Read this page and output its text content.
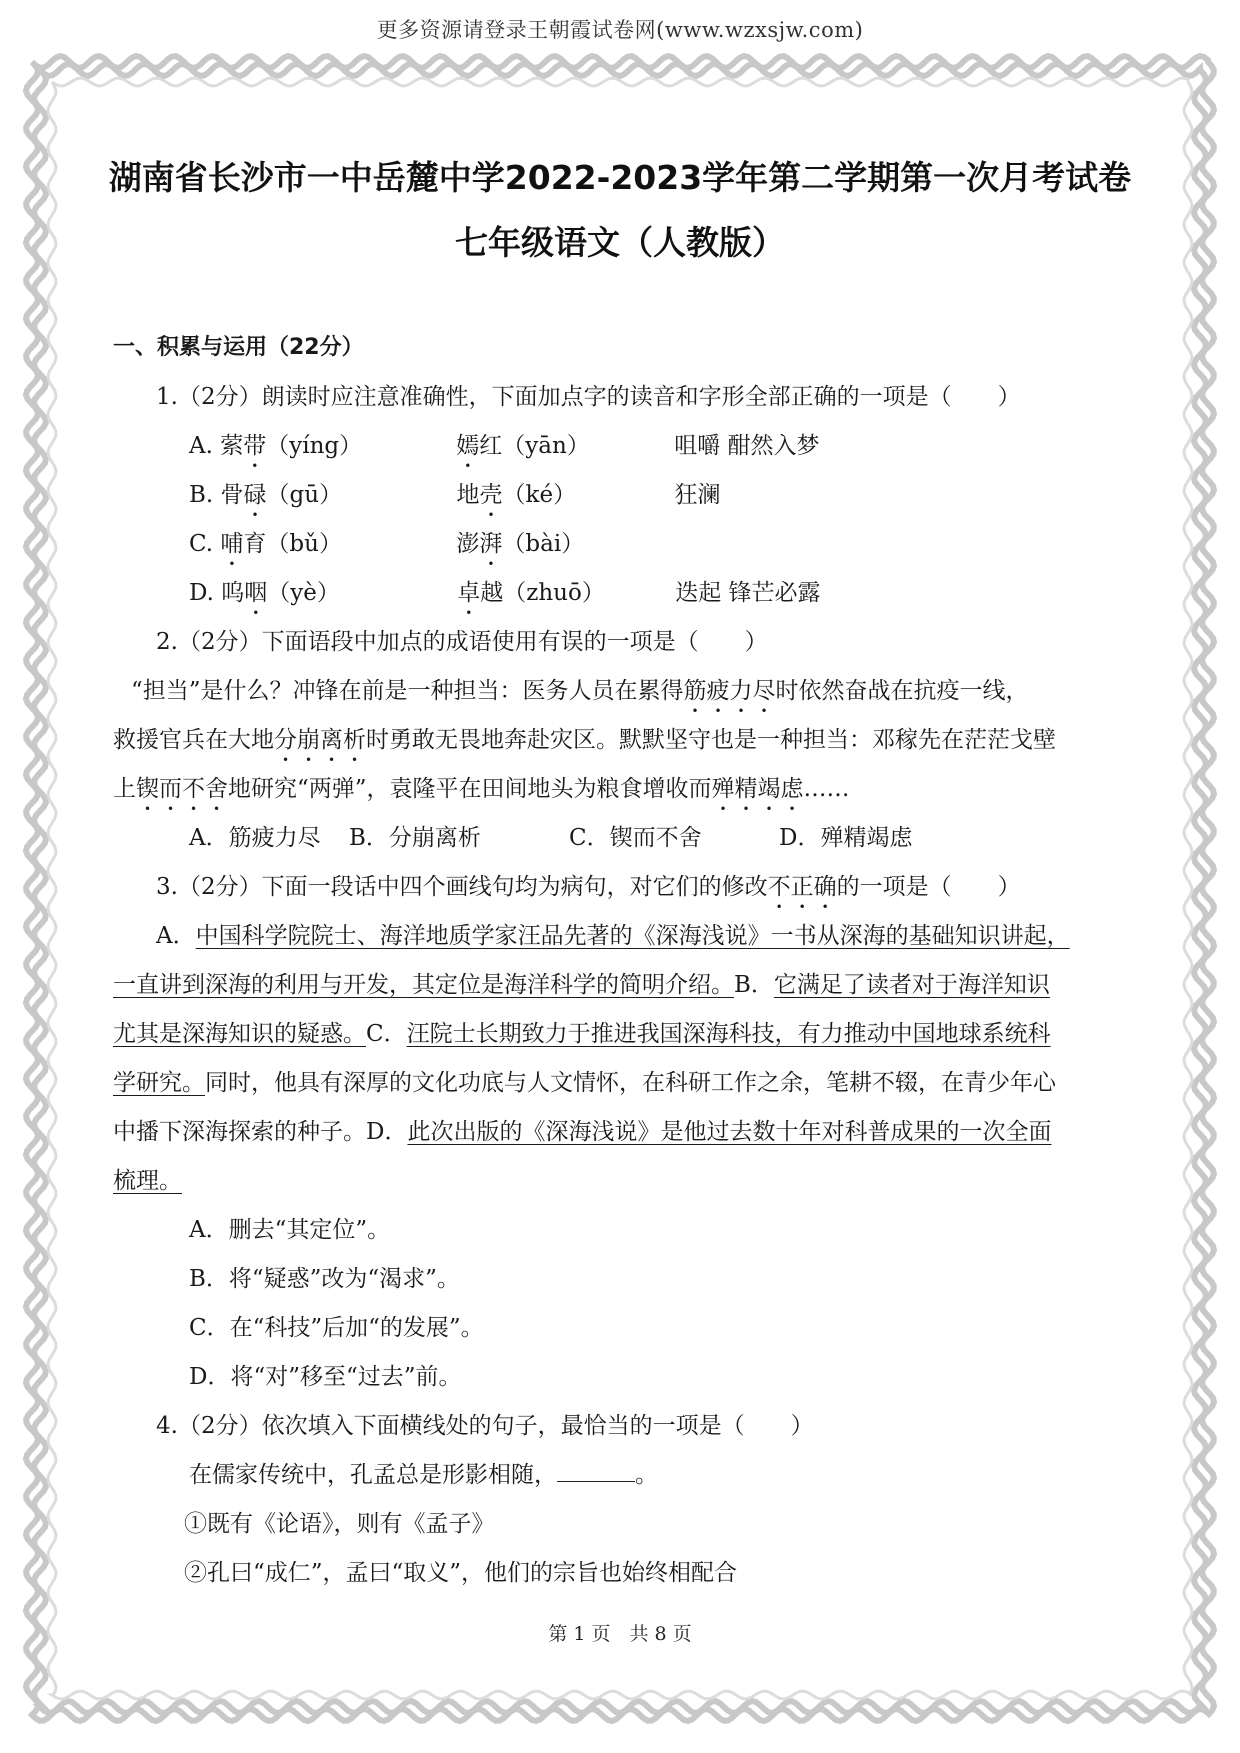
更多资源请登录王朝霞试卷网(www.wzxsjw.com)
湖南省长沙市一中岳麓中学2022-2023学年第二学期第一次月考试卷
七年级语文（人教版）
一、积累与运用（22分）
1.（2分）朗读时应注意准确性，下面加点字的读音和字形全部正确的一项是（　　）
A. 萦带（yíng）	嫣红（yān）	咀嚼 酣然入梦
B. 骨碌（gū）	地壳（ké）	狂澜
C. 哺育（bǔ）	澎湃（bài）
D. 呜咽（yè）	卓越（zhuō）	迭起 锋芒必露
2.（2分）下面语段中加点的成语使用有误的一项是（　　）
“担当”是什么？冲锋在前是一种担当：医务人员在累得筋疲力尽时依然奋战在抗疫一线，
救援官兵在大地分崩离析时勇敢无畏地奔赴灾区。默默坚守也是一种担当：邓稼先在茫茫戈壁
上锲而不舍地研究“两弹”，袁隆平在田间地头为粮食增收而殚精竭虑……
A．筋疲力尽 B．分崩离析	C．锲而不舍	D．殚精竭虑
3.（2分）下面一段话中四个画线句均为病句，对它们的修改不正确的一项是（　　）
A．中国科学院院士、海洋地质学家汪品先著的《深海浅说》一书从深海的基础知识讲起，
一直讲到深海的利用与开发，其定位是海洋科学的简明介绍。B．它满足了读者对于海洋知识
尤其是深海知识的疑惑。C．汪院士长期致力于推进我国深海科技，有力推动中国地球系统科
学研究。同时，他具有深厚的文化功底与人文情怀，在科研工作之余，笔耕不辍，在青少年心
中播下深海探索的种子。D．此次出版的《深海浅说》是他过去数十年对科普成果的一次全面
梳理。
A．删去“其定位”。
B．将“疑惑”改为“渴求”。
C．在“科技”后加“的发展”。
D．将“对”移至“过去”前。
4.（2分）依次填入下面横线处的句子，最恰当的一项是（　　）
在儒家传统中，孔孟总是形影相随，	。
①既有《论语》，则有《孟子》
②孔曰“成仁”，孟曰“取义”，他们的宗旨也始终相配合
第 1 页　共 8 页
